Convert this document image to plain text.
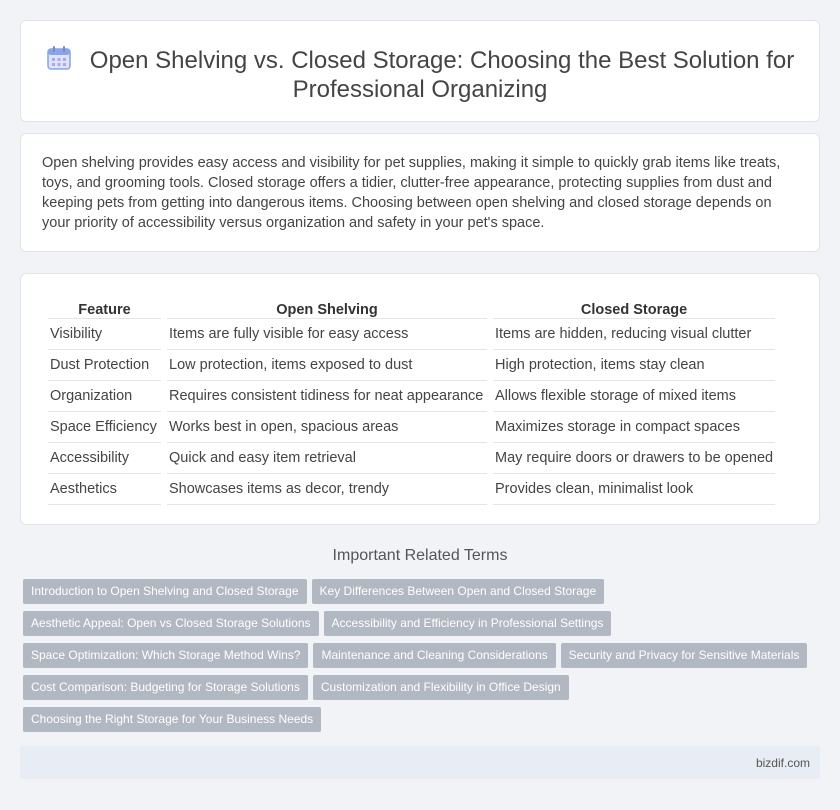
Open Shelving vs. Closed Storage: Choosing the Best Solution for
Professional Organizing

Open shelving provides easy access and visibility for pet supplies, making it simple to quickly grab items like treats, toys, and grooming tools. Closed storage offers a tidier, clutter-free appearance, protecting supplies from dust and keeping pets from getting into dangerous items. Choosing between open shelving and closed storage depends on your priority of accessibility versus organization and safety in your pet's space.

Feature	Open Shelving	Closed Storage
Visibility	Items are fully visible for easy access	Items are hidden, reducing visual clutter
Dust Protection	Low protection, items exposed to dust	High protection, items stay clean
Organization	Requires consistent tidiness for neat appearance	Allows flexible storage of mixed items
Space Efficiency	Works best in open, spacious areas	Maximizes storage in compact spaces
Accessibility	Quick and easy item retrieval	May require doors or drawers to be opened
Aesthetics	Showcases items as decor, trendy	Provides clean, minimalist look
Important Related Terms
Introduction to Open Shelving and Closed Storage Key Differences Between Open and Closed Storage
Aesthetic Appeal: Open vs Closed Storage Solutions Accessibility and Efficiency in Professional Settings
Space Optimization: Which Storage Method Wins? Maintenance and Cleaning Considerations Security and Privacy for Sensitive Materials
Cost Comparison: Budgeting for Storage Solutions Customization and Flexibility in Office Design
Choosing the Right Storage for Your Business Needs
bizdif.com
